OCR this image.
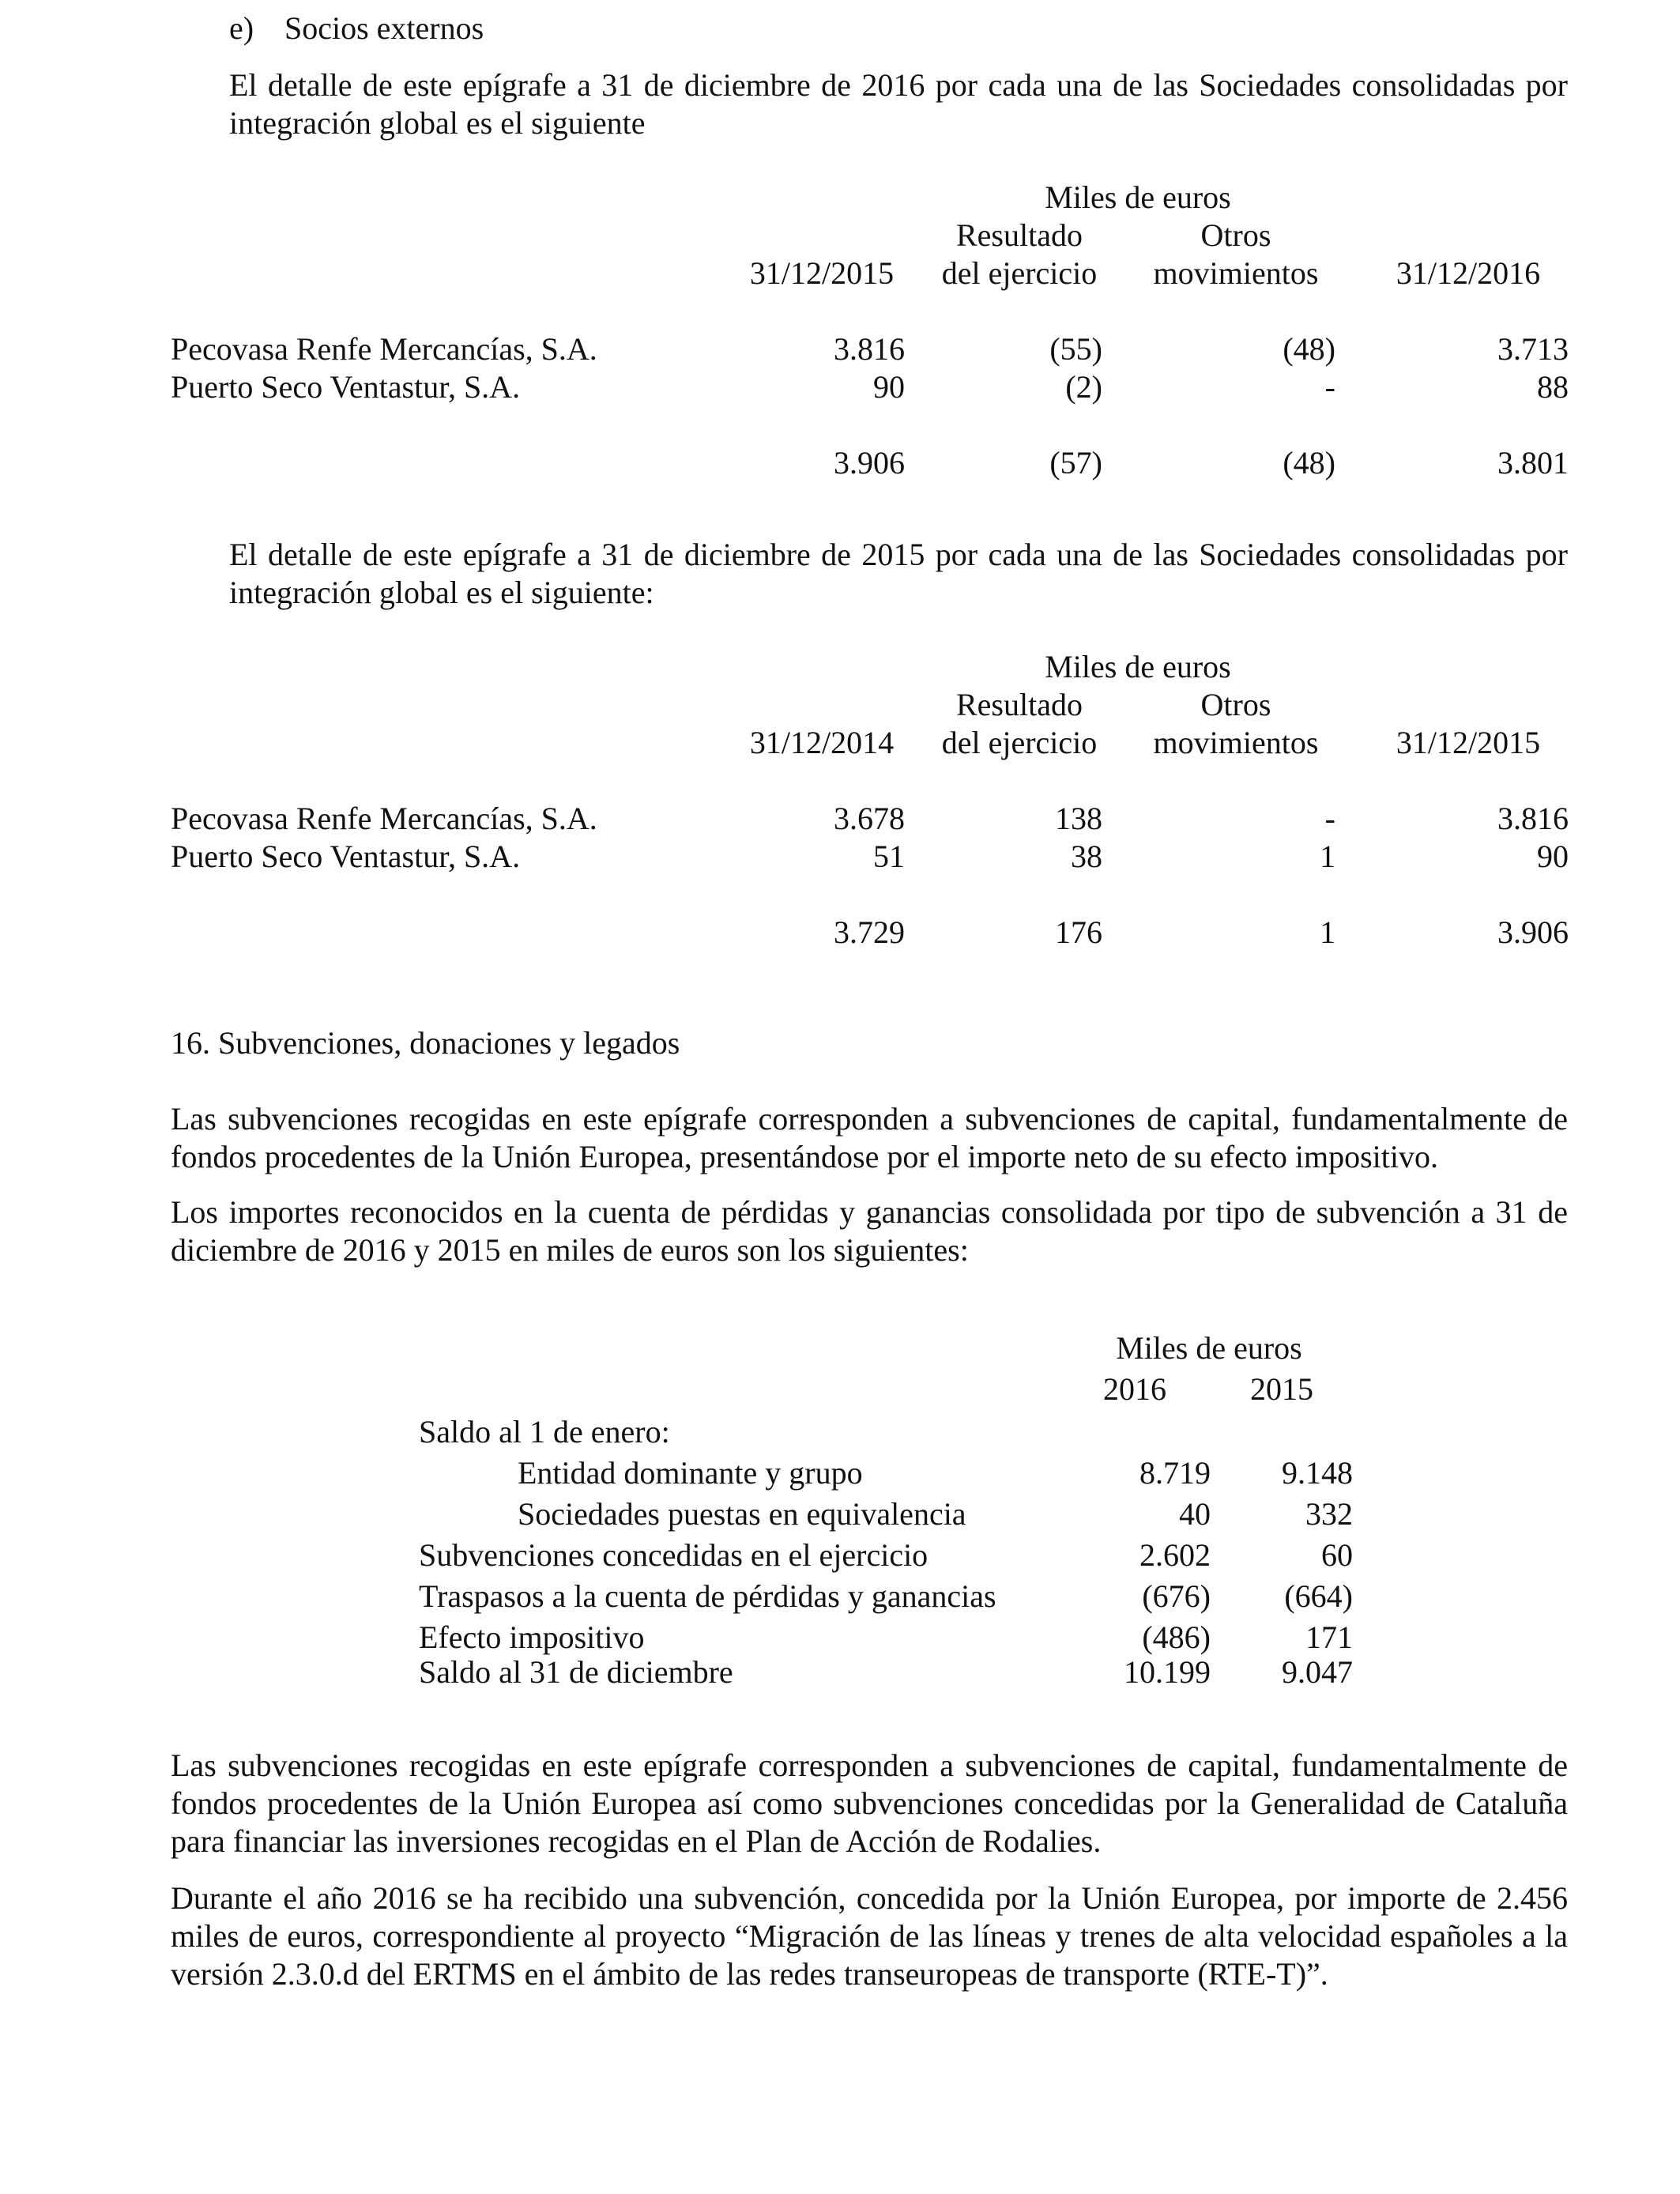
e) Socios externos
El detalle de este epígrafe a 31 de diciembre de 2016 por cada una de las Sociedades consolidadas por integración global es el siguiente
Miles de euros
Resultado	Otros
31/12/2015	del ejercicio	movimientos	31/12/2016
Pecovasa Renfe Mercancías, S.A.	3.816	(55)	(48)	3.713
Puerto Seco Ventastur, S.A.	90	(2)	-	88
3.906	(57)	(48)	3.801
El detalle de este epígrafe a 31 de diciembre de 2015 por cada una de las Sociedades consolidadas por integración global es el siguiente:
Miles de euros
Resultado	Otros
31/12/2014	del ejercicio	movimientos	31/12/2015
Pecovasa Renfe Mercancías, S.A.	3.678	138	-	3.816
Puerto Seco Ventastur, S.A.	51	38	1	90
3.729	176	1	3.906
16. Subvenciones, donaciones y legados
Las subvenciones recogidas en este epígrafe corresponden a subvenciones de capital, fundamentalmente de fondos procedentes de la Unión Europea, presentándose por el importe neto de su efecto impositivo.
Los importes reconocidos en la cuenta de pérdidas y ganancias consolidada por tipo de subvención a 31 de diciembre de 2016 y 2015 en miles de euros son los siguientes:
Miles de euros
2016	2015
Saldo al 1 de enero:
Entidad dominante y grupo	8.719	9.148
Sociedades puestas en equivalencia	40	332
Subvenciones concedidas en el ejercicio	2.602	60
Traspasos a la cuenta de pérdidas y ganancias	(676)	(664)
Efecto impositivo	(486)	171
Saldo al 31 de diciembre	10.199	9.047
Las subvenciones recogidas en este epígrafe corresponden a subvenciones de capital, fundamentalmente de fondos procedentes de la Unión Europea así como subvenciones concedidas por la Generalidad de Cataluña para financiar las inversiones recogidas en el Plan de Acción de Rodalies.
Durante el año 2016 se ha recibido una subvención, concedida por la Unión Europea, por importe de 2.456 miles de euros, correspondiente al proyecto “Migración de las líneas y trenes de alta velocidad españoles a la versión 2.3.0.d del ERTMS en el ámbito de las redes transeuropeas de transporte (RTE-T)”.
